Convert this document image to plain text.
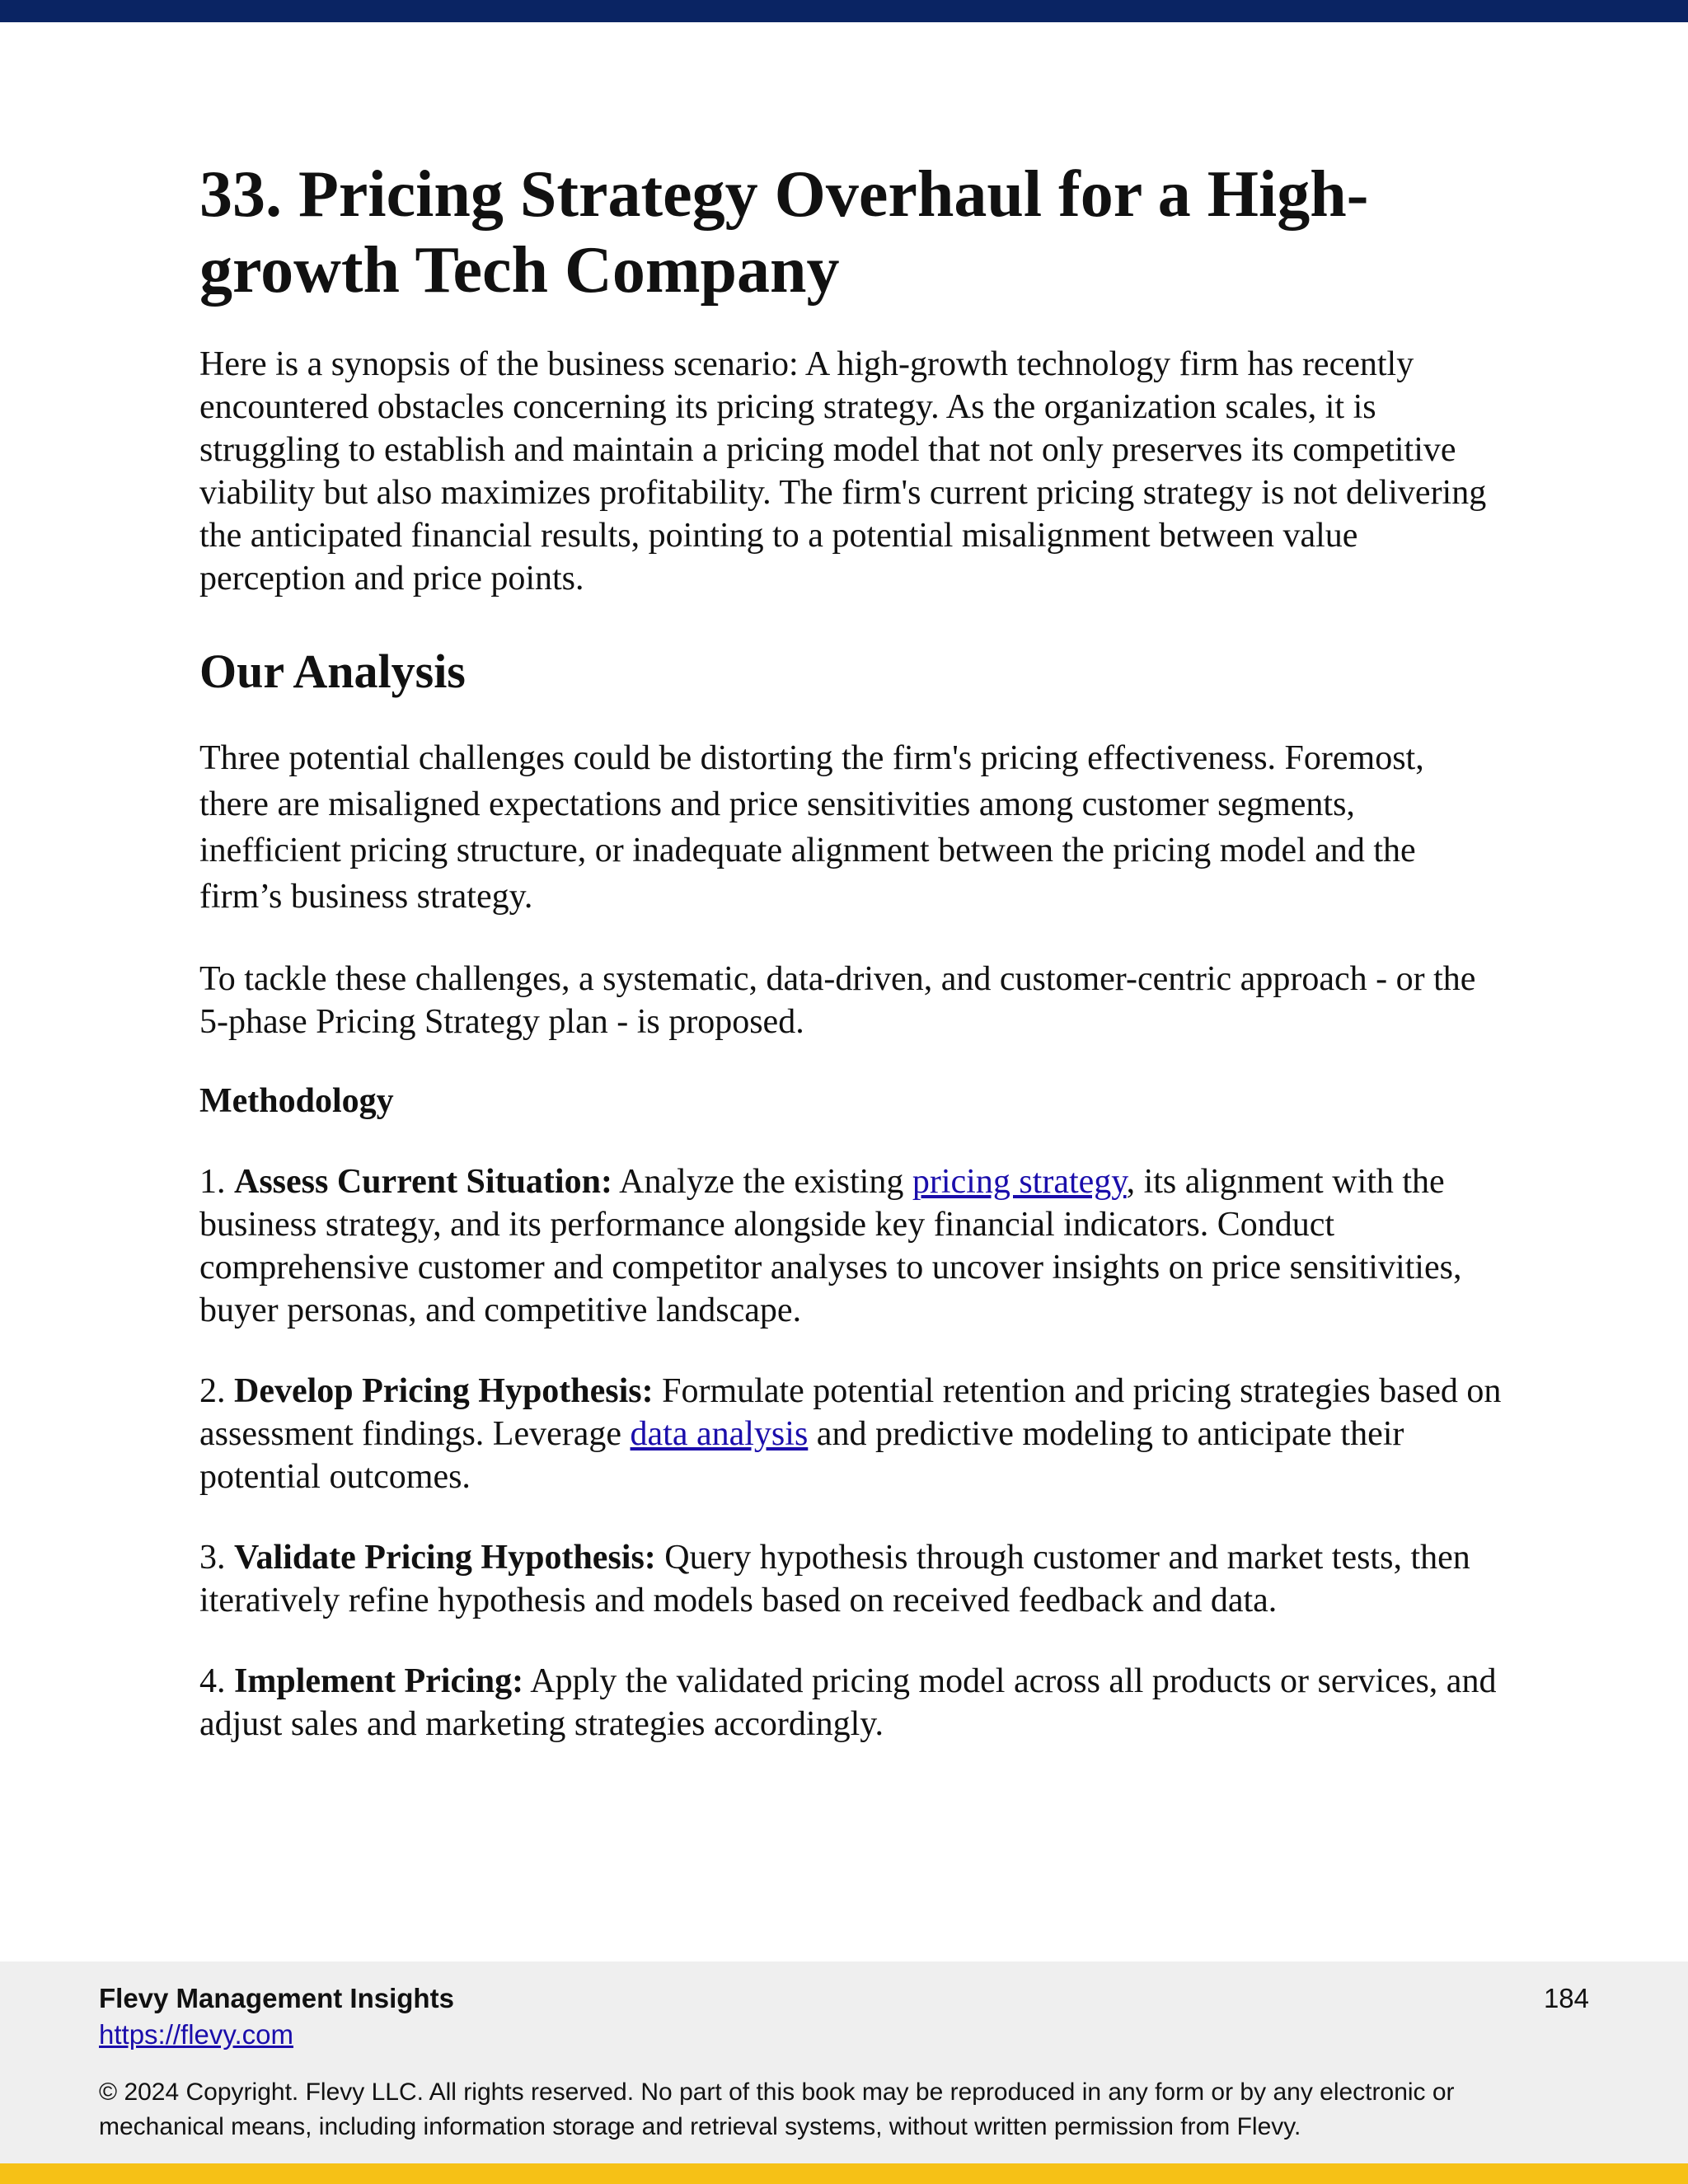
33. Pricing Strategy Overhaul for a High-growth Tech Company

Here is a synopsis of the business scenario: A high-growth technology firm has recently encountered obstacles concerning its pricing strategy. As the organization scales, it is struggling to establish and maintain a pricing model that not only preserves its competitive viability but also maximizes profitability. The firm's current pricing strategy is not delivering the anticipated financial results, pointing to a potential misalignment between value perception and price points.

Our Analysis

Three potential challenges could be distorting the firm's pricing effectiveness. Foremost, there are misaligned expectations and price sensitivities among customer segments, inefficient pricing structure, or inadequate alignment between the pricing model and the firm’s business strategy.

To tackle these challenges, a systematic, data-driven, and customer-centric approach - or the 5-phase Pricing Strategy plan - is proposed.

Methodology

1. Assess Current Situation: Analyze the existing pricing strategy, its alignment with the business strategy, and its performance alongside key financial indicators. Conduct comprehensive customer and competitor analyses to uncover insights on price sensitivities, buyer personas, and competitive landscape.

2. Develop Pricing Hypothesis: Formulate potential retention and pricing strategies based on assessment findings. Leverage data analysis and predictive modeling to anticipate their potential outcomes.

3. Validate Pricing Hypothesis: Query hypothesis through customer and market tests, then iteratively refine hypothesis and models based on received feedback and data.

4. Implement Pricing: Apply the validated pricing model across all products or services, and adjust sales and marketing strategies accordingly.

Flevy Management Insights
https://flevy.com
184
© 2024 Copyright. Flevy LLC. All rights reserved. No part of this book may be reproduced in any form or by any electronic or mechanical means, including information storage and retrieval systems, without written permission from Flevy.
